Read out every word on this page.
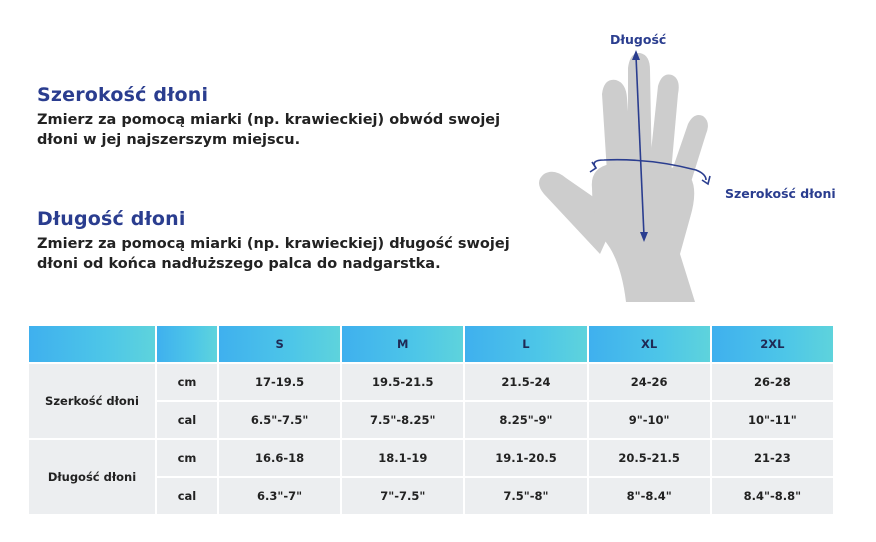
Szerokość dłoni

Zmierz za pomocą miarki (np. krawieckiej) obwód swojej dłoni w jej najszerszym miejscu.

Długość dłoni

Zmierz za pomocą miarki (np. krawieckiej) długość swojej dłoni od końca nadłuższego palca do nadgarstka.

Długość
Szerokość dłoni
		S	M	L	XL	2XL
Szerkość dłoni	cm	17-19.5	19.5-21.5	21.5-24	24-26	26-28
	cal	6.5"-7.5"	7.5"-8.25"	8.25"-9"	9"-10"	10"-11"
Długość dłoni	cm	16.6-18	18.1-19	19.1-20.5	20.5-21.5	21-23
	cal	6.3"-7"	7"-7.5"	7.5"-8"	8"-8.4"	8.4"-8.8"
